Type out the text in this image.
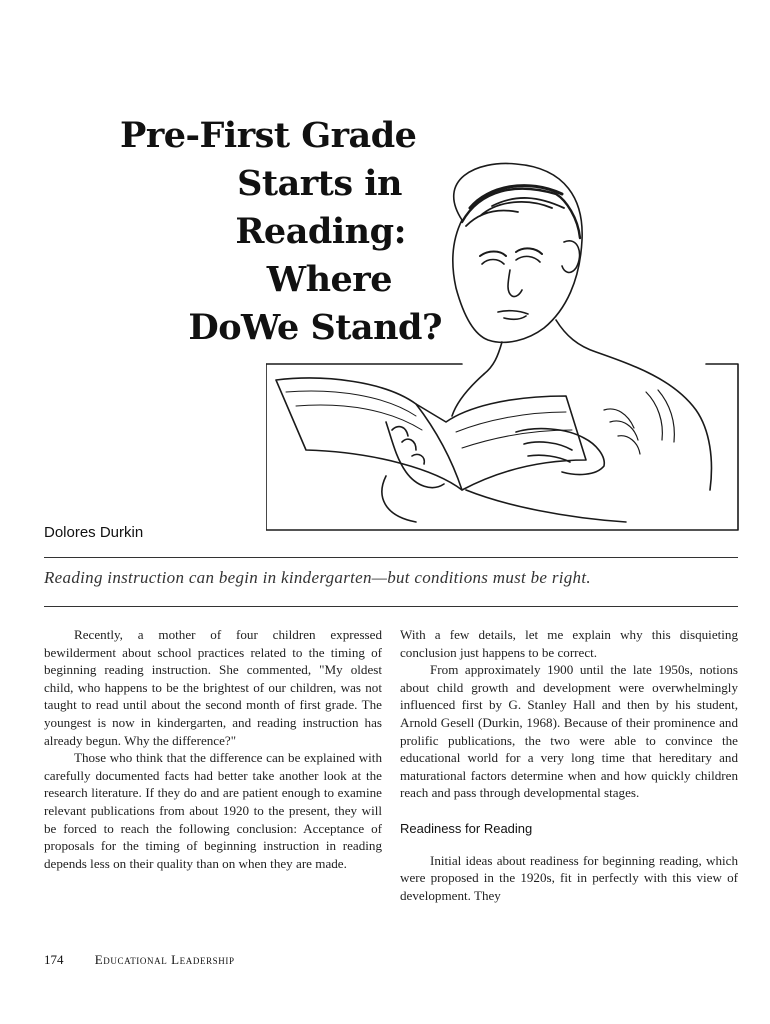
Pre-First Grade
Starts in
Reading:
Where
DoWe Stand?
Dolores Durkin
Reading instruction can begin in kindergarten—but conditions must be right.

Recently, a mother of four children expressed bewilderment about school practices related to the timing of beginning reading instruction. She commented, "My oldest child, who happens to be the brightest of our children, was not taught to read until about the second month of first grade. The youngest is now in kindergarten, and reading instruction has already begun. Why the difference?"

Those who think that the difference can be explained with carefully documented facts had better take another look at the research literature. If they do and are patient enough to examine relevant publications from about 1920 to the present, they will be forced to reach the following conclusion: Acceptance of proposals for the timing of beginning instruction in reading depends less on their quality than on when they are made.

With a few details, let me explain why this disquieting conclusion just happens to be correct.

From approximately 1900 until the late 1950s, notions about child growth and development were overwhelmingly influenced first by G. Stanley Hall and then by his student, Arnold Gesell (Durkin, 1968). Because of their prominence and prolific publications, the two were able to convince the educational world for a very long time that hereditary and maturational factors determine when and how quickly children reach and pass through developmental stages.

Readiness for Reading

Initial ideas about readiness for beginning reading, which were proposed in the 1920s, fit in perfectly with this view of development. They

174 Educational Leadership
